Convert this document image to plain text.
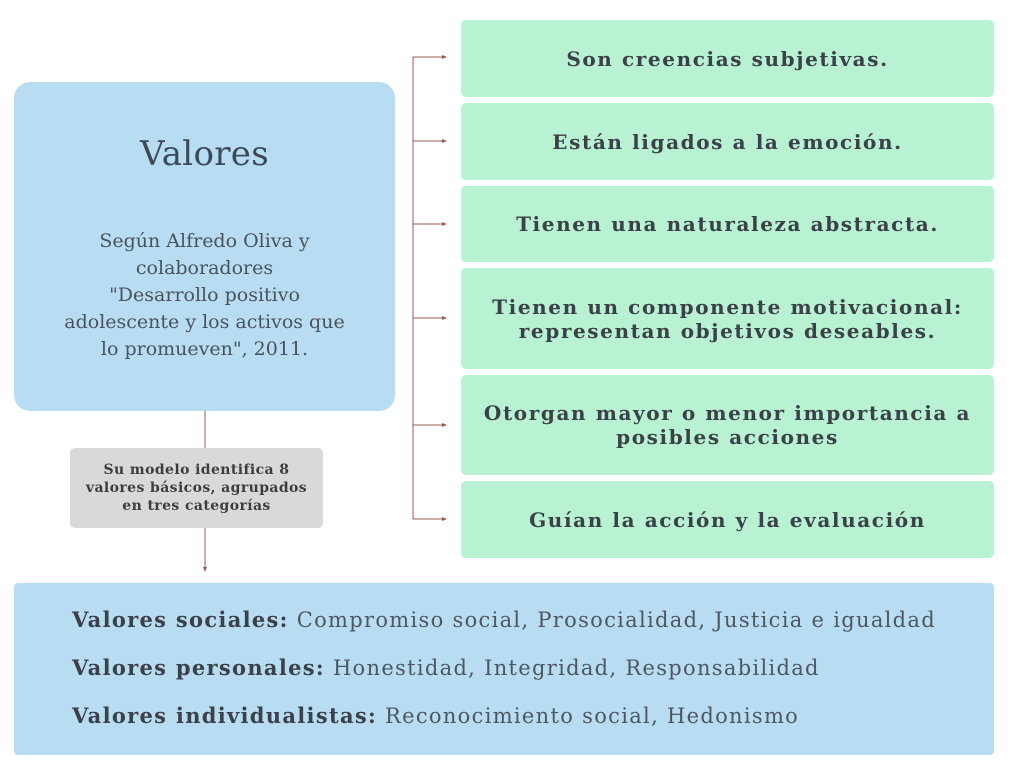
Valores
Según Alfredo Oliva y
colaboradores
"Desarrollo positivo
adolescente y los activos que
lo promueven", 2011.
Su modelo identifica 8
valores básicos, agrupados
en tres categorías
Son creencias subjetivas.
Están ligados a la emoción.
Tienen una naturaleza abstracta.
Tienen un componente motivacional:
representan objetivos deseables.
Otorgan mayor o menor importancia a
posibles acciones
Guían la acción y la evaluación
Valores sociales: Compromiso social, Prosocialidad, Justicia e igualdad
Valores personales: Honestidad, Integridad, Responsabilidad
Valores individualistas: Reconocimiento social, Hedonismo
